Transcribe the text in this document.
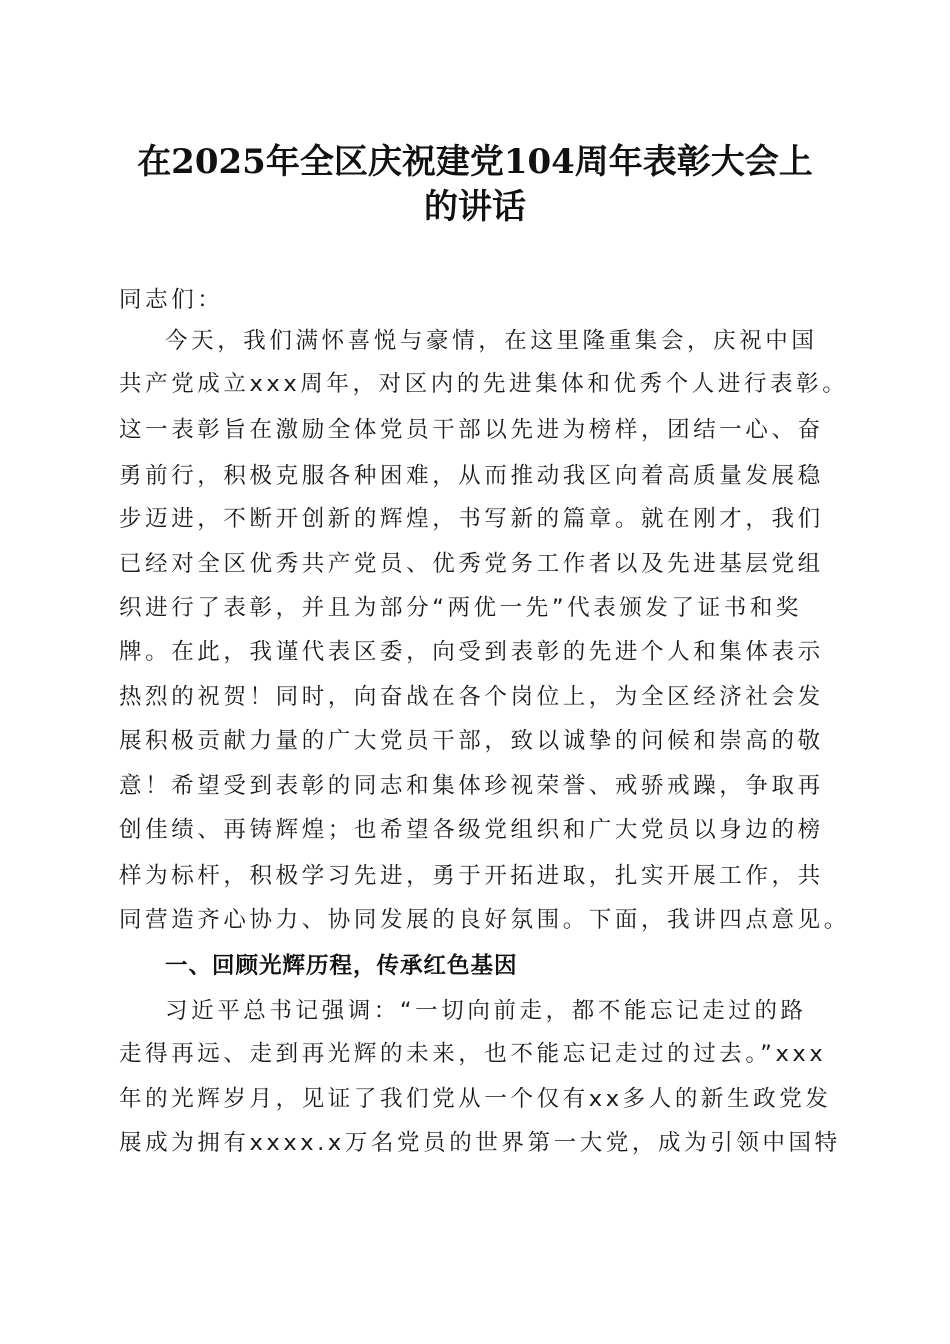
在2025年全区庆祝建党104周年表彰大会上
的讲话
同志们：
今天，我们满怀喜悦与豪情，在这里隆重集会，庆祝中国
共产党成立xxx周年，对区内的先进集体和优秀个人进行表彰。
这一表彰旨在激励全体党员干部以先进为榜样，团结一心、奋
勇前行，积极克服各种困难，从而推动我区向着高质量发展稳
步迈进，不断开创新的辉煌，书写新的篇章。就在刚才，我们
已经对全区优秀共产党员、优秀党务工作者以及先进基层党组
织进行了表彰，并且为部分“两优一先”代表颁发了证书和奖
牌。在此，我谨代表区委，向受到表彰的先进个人和集体表示
热烈的祝贺！同时，向奋战在各个岗位上，为全区经济社会发
展积极贡献力量的广大党员干部，致以诚挚的问候和崇高的敬
意！希望受到表彰的同志和集体珍视荣誉、戒骄戒躁，争取再
创佳绩、再铸辉煌；也希望各级党组织和广大党员以身边的榜
样为标杆，积极学习先进，勇于开拓进取，扎实开展工作，共
同营造齐心协力、协同发展的良好氛围。下面，我讲四点意见。
一、回顾光辉历程，传承红色基因
习近平总书记强调：“一切向前走，都不能忘记走过的路
走得再远、走到再光辉的未来，也不能忘记走过的过去。”xxx
年的光辉岁月，见证了我们党从一个仅有xx多人的新生政党发
展成为拥有xxxx.x万名党员的世界第一大党，成为引领中国特
